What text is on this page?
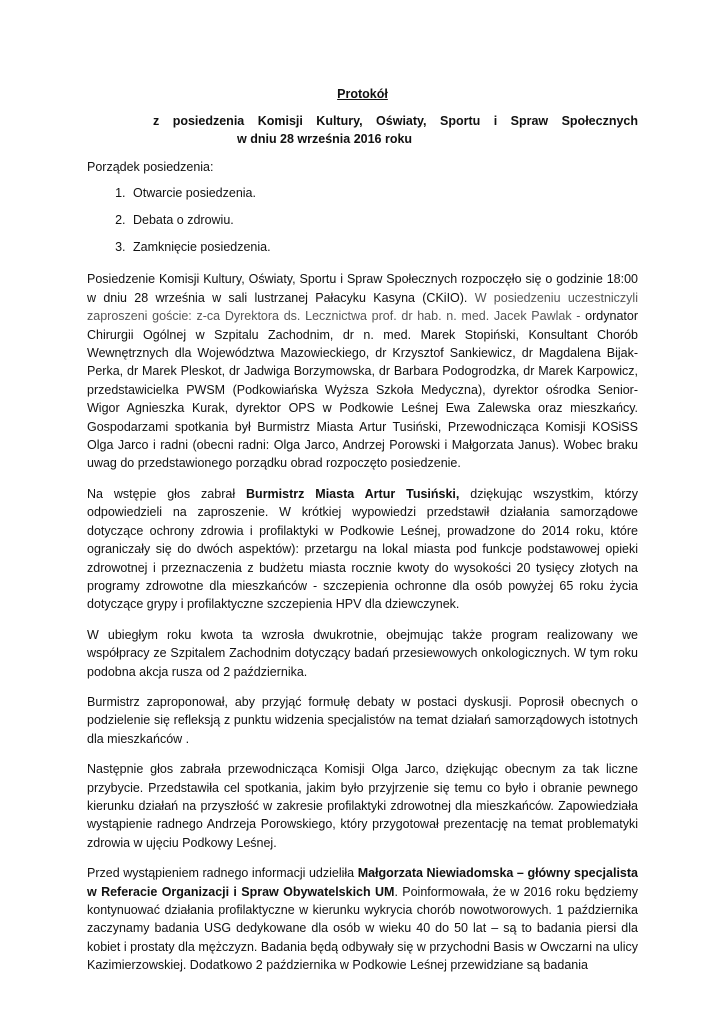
Protokół
z posiedzenia Komisji Kultury, Oświaty, Sportu i Spraw Społecznych
w dniu 28 września 2016 roku

Porządek posiedzenia:

1. Otwarcie posiedzenia.
2. Debata o zdrowiu.
3. Zamknięcie posiedzenia.

Posiedzenie Komisji Kultury, Oświaty, Sportu i Spraw Społecznych rozpoczęło się o godzinie 18:00 w dniu 28 września w sali lustrzanej Pałacyku Kasyna (CKiIO). W posiedzeniu uczestniczyli zaproszeni goście: z-ca Dyrektora ds. Lecznictwa prof. dr hab. n. med. Jacek Pawlak - ordynator Chirurgii Ogólnej w Szpitalu Zachodnim, dr n. med. Marek Stopiński, Konsultant Chorób Wewnętrznych dla Województwa Mazowieckiego, dr Krzysztof Sankiewicz, dr Magdalena Bijak-Perka, dr Marek Pleskot, dr Jadwiga Borzymowska, dr Barbara Podogrodzka, dr Marek Karpowicz, przedstawicielka PWSM (Podkowiańska Wyższa Szkoła Medyczna), dyrektor ośrodka Senior-Wigor Agnieszka Kurak, dyrektor OPS w Podkowie Leśnej Ewa Zalewska oraz mieszkańcy. Gospodarzami spotkania był Burmistrz Miasta Artur Tusiński, Przewodnicząca Komisji KOSiSS Olga Jarco i radni (obecni radni: Olga Jarco, Andrzej Porowski i Małgorzata Janus). Wobec braku uwag do przedstawionego porządku obrad rozpoczęto posiedzenie.

Na wstępie głos zabrał Burmistrz Miasta Artur Tusiński, dziękując wszystkim, którzy odpowiedzieli na zaproszenie. W krótkiej wypowiedzi przedstawił działania samorządowe dotyczące ochrony zdrowia i profilaktyki w Podkowie Leśnej, prowadzone do 2014 roku, które ograniczały się do dwóch aspektów): przetargu na lokal miasta pod funkcje podstawowej opieki zdrowotnej i przeznaczenia z budżetu miasta rocznie kwoty do wysokości 20 tysięcy złotych na programy zdrowotne dla mieszkańców - szczepienia ochronne dla osób powyżej 65 roku życia dotyczące grypy i profilaktyczne szczepienia HPV dla dziewczynek.

W ubiegłym roku kwota ta wzrosła dwukrotnie, obejmując także program realizowany we współpracy ze Szpitalem Zachodnim dotyczący badań przesiewowych onkologicznych. W tym roku podobna akcja rusza od 2 października.

Burmistrz zaproponował, aby przyjąć formułę debaty w postaci dyskusji. Poprosił obecnych o podzielenie się refleksją z punktu widzenia specjalistów na temat działań samorządowych istotnych dla mieszkańców .

Następnie głos zabrała przewodnicząca Komisji Olga Jarco, dziękując obecnym za tak liczne przybycie. Przedstawiła cel spotkania, jakim było przyjrzenie się temu co było i obranie pewnego kierunku działań na przyszłość w zakresie profilaktyki zdrowotnej dla mieszkańców. Zapowiedziała wystąpienie radnego Andrzeja Porowskiego, który przygotował prezentację na temat problematyki zdrowia w ujęciu Podkowy Leśnej.

Przed wystąpieniem radnego informacji udzieliła Małgorzata Niewiadomska – główny specjalista w Referacie Organizacji i Spraw Obywatelskich UM. Poinformowała, że w 2016 roku będziemy kontynuować działania profilaktyczne w kierunku wykrycia chorób nowotworowych. 1 października zaczynamy badania USG dedykowane dla osób w wieku 40 do 50 lat – są to badania piersi dla kobiet i prostaty dla mężczyzn. Badania będą odbywały się w przychodni Basis w Owczarni na ulicy Kazimierzowskiej. Dodatkowo 2 października w Podkowie Leśnej przewidziane są badania
